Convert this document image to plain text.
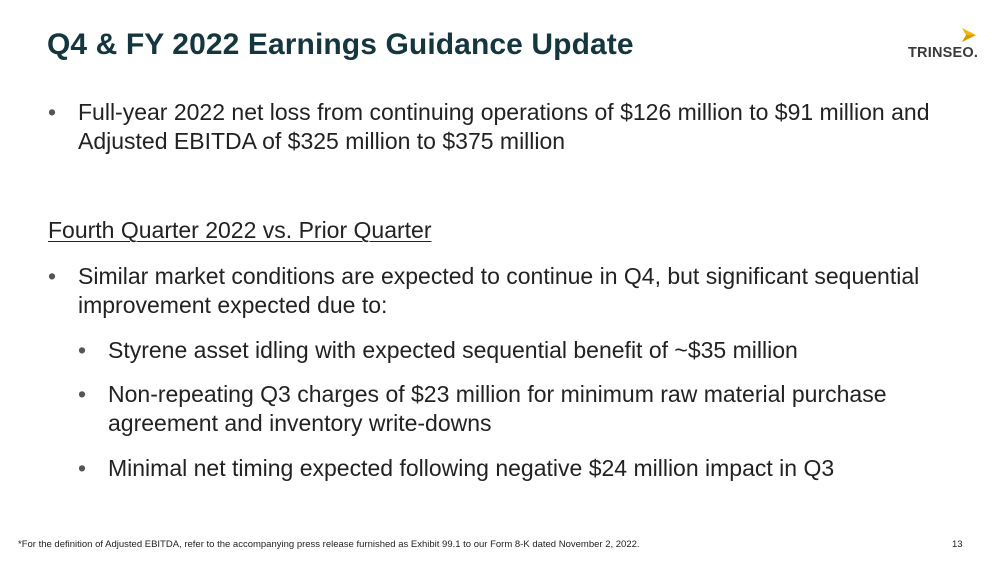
Q4 & FY 2022 Earnings Guidance Update	TRINSEO.
• Full-year 2022 net loss from continuing operations of $126 million to $91 million and Adjusted EBITDA of $325 million to $375 million
Fourth Quarter 2022 vs. Prior Quarter
• Similar market conditions are expected to continue in Q4, but significant sequential improvement expected due to:
• Styrene asset idling with expected sequential benefit of ~$35 million
• Non-repeating Q3 charges of $23 million for minimum raw material purchase agreement and inventory write-downs
• Minimal net timing expected following negative $24 million impact in Q3
*For the definition of Adjusted EBITDA, refer to the accompanying press release furnished as Exhibit 99.1 to our Form 8-K dated November 2, 2022.	13
